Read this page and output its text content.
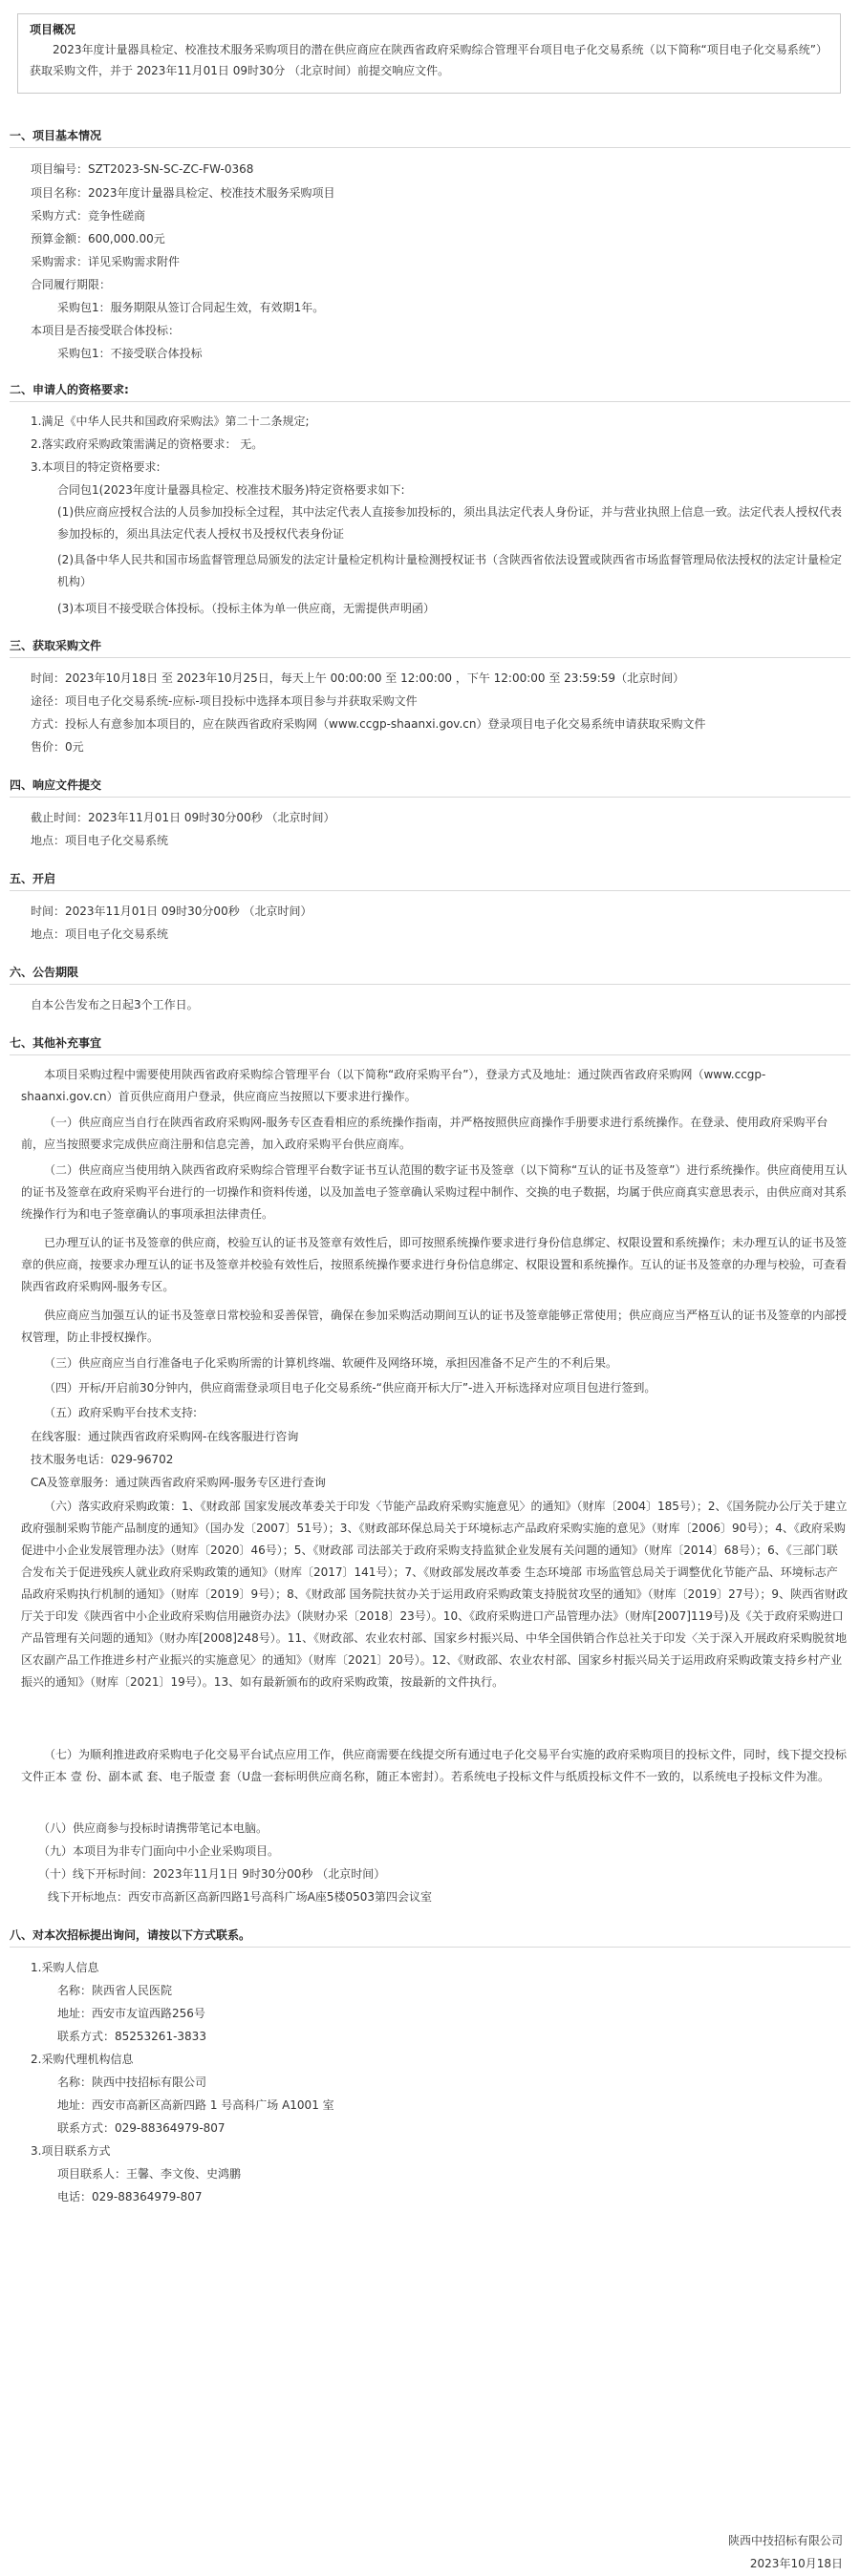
项目概况

2023年度计量器具检定、校准技术服务采购项目的潜在供应商应在陕西省政府采购综合管理平台项目电子化交易系统（以下简称“项目电子化交易系统”）获取采购文件，并于 2023年11月01日 09时30分 （北京时间）前提交响应文件。

一、项目基本情况

项目编号：SZT2023-SN-SC-ZC-FW-0368
项目名称：2023年度计量器具检定、校准技术服务采购项目
采购方式：竞争性磋商
预算金额：600,000.00元
采购需求：详见采购需求附件
合同履行期限：
采购包1：服务期限从签订合同起生效，有效期1年。
本项目是否接受联合体投标：
采购包1：不接受联合体投标

二、申请人的资格要求:

1.满足《中华人民共和国政府采购法》第二十二条规定;
2.落实政府采购政策需满足的资格要求： 无。
3.本项目的特定资格要求:
合同包1(2023年度计量器具检定、校准技术服务)特定资格要求如下:

(1)供应商应授权合法的人员参加投标全过程，其中法定代表人直接参加投标的，须出具法定代表人身份证，并与营业执照上信息一致。法定代表人授权代表参加投标的，须出具法定代表人授权书及授权代表身份证

(2)具备中华人民共和国市场监督管理总局颁发的法定计量检定机构计量检测授权证书（含陕西省依法设置或陕西省市场监督管理局依法授权的法定计量检定机构）

(3)本项目不接受联合体投标。（投标主体为单一供应商，无需提供声明函）

三、获取采购文件

时间：2023年10月18日 至 2023年10月25日，每天上午 00:00:00 至 12:00:00 ，下午 12:00:00 至 23:59:59（北京时间）
途径：项目电子化交易系统-应标-项目投标中选择本项目参与并获取采购文件
方式：投标人有意参加本项目的，应在陕西省政府采购网（www.ccgp-shaanxi.gov.cn）登录项目电子化交易系统申请获取采购文件
售价：0元

四、响应文件提交

截止时间：2023年11月01日 09时30分00秒 （北京时间）
地点：项目电子化交易系统

五、开启

时间：2023年11月01日 09时30分00秒 （北京时间）
地点：项目电子化交易系统

六、公告期限

自本公告发布之日起3个工作日。

七、其他补充事宜

本项目采购过程中需要使用陕西省政府采购综合管理平台（以下简称“政府采购平台”），登录方式及地址：通过陕西省政府采购网（www.ccgp-shaanxi.gov.cn）首页供应商用户登录，供应商应当按照以下要求进行操作。

（一）供应商应当自行在陕西省政府采购网-服务专区查看相应的系统操作指南，并严格按照供应商操作手册要求进行系统操作。在登录、使用政府采购平台前，应当按照要求完成供应商注册和信息完善，加入政府采购平台供应商库。

（二）供应商应当使用纳入陕西省政府采购综合管理平台数字证书互认范围的数字证书及签章（以下简称“互认的证书及签章”）进行系统操作。供应商使用互认的证书及签章在政府采购平台进行的一切操作和资料传递，以及加盖电子签章确认采购过程中制作、交换的电子数据，均属于供应商真实意思表示，由供应商对其系统操作行为和电子签章确认的事项承担法律责任。

已办理互认的证书及签章的供应商，校验互认的证书及签章有效性后，即可按照系统操作要求进行身份信息绑定、权限设置和系统操作；未办理互认的证书及签章的供应商，按要求办理互认的证书及签章并校验有效性后，按照系统操作要求进行身份信息绑定、权限设置和系统操作。互认的证书及签章的办理与校验，可查看陕西省政府采购网-服务专区。

供应商应当加强互认的证书及签章日常校验和妥善保管，确保在参加采购活动期间互认的证书及签章能够正常使用；供应商应当严格互认的证书及签章的内部授权管理，防止非授权操作。

（三）供应商应当自行准备电子化采购所需的计算机终端、软硬件及网络环境，承担因准备不足产生的不利后果。

（四）开标/开启前30分钟内，供应商需登录项目电子化交易系统-“供应商开标大厅”-进入开标选择对应项目包进行签到。

（五）政府采购平台技术支持:

在线客服：通过陕西省政府采购网-在线客服进行咨询
技术服务电话：029-96702
CA及签章服务：通过陕西省政府采购网-服务专区进行查询

（六）落实政府采购政策：1、《财政部 国家发展改革委关于印发〈节能产品政府采购实施意见〉的通知》（财库〔2004〕185号）；2、《国务院办公厅关于建立政府强制采购节能产品制度的通知》（国办发〔2007〕51号）；3、《财政部环保总局关于环境标志产品政府采购实施的意见》（财库〔2006〕90号）；4、《政府采购促进中小企业发展管理办法》（财库〔2020〕46号）；5、《财政部 司法部关于政府采购支持监狱企业发展有关问题的通知》（财库〔2014〕68号）；6、《三部门联合发布关于促进残疾人就业政府采购政策的通知》（财库〔2017〕141号）；7、《财政部发展改革委 生态环境部 市场监管总局关于调整优化节能产品、环境标志产品政府采购执行机制的通知》（财库〔2019〕9号）；8、《财政部 国务院扶贫办关于运用政府采购政策支持脱贫攻坚的通知》（财库〔2019〕27号）；9、陕西省财政厅关于印发《陕西省中小企业政府采购信用融资办法》（陕财办采〔2018〕23号）。10、《政府采购进口产品管理办法》（财库[2007]119号)及《关于政府采购进口产品管理有关问题的通知》（财办库[2008]248号）。11、《财政部、农业农村部、国家乡村振兴局、中华全国供销合作总社关于印发〈关于深入开展政府采购脱贫地区农副产品工作推进乡村产业振兴的实施意见〉的通知》（财库〔2021〕20号）。12、《财政部、农业农村部、国家乡村振兴局关于运用政府采购政策支持乡村产业振兴的通知》（财库〔2021〕19号）。13、如有最新颁布的政府采购政策，按最新的文件执行。

（七）为顺利推进政府采购电子化交易平台试点应用工作，供应商需要在线提交所有通过电子化交易平台实施的政府采购项目的投标文件，同时，线下提交投标文件正本 壹 份、副本贰 套、电子版壹 套（U盘一套标明供应商名称，随正本密封）。若系统电子投标文件与纸质投标文件不一致的，以系统电子投标文件为准。

（八）供应商参与投标时请携带笔记本电脑。
（九）本项目为非专门面向中小企业采购项目。
（十）线下开标时间：2023年11月1日 9时30分00秒 （北京时间）
线下开标地点：西安市高新区高新四路1号高科广场A座5楼0503第四会议室

八、对本次招标提出询问，请按以下方式联系。

1.采购人信息
名称：陕西省人民医院
地址：西安市友谊西路256号
联系方式：85253261-3833
2.采购代理机构信息
名称：陕西中技招标有限公司
地址：西安市高新区高新四路 1 号高科广场 A1001 室
联系方式：029-88364979-807
3.项目联系方式
项目联系人：王馨、李文俊、史鸿鹏
电话：029-88364979-807
陕西中技招标有限公司
2023年10月18日
